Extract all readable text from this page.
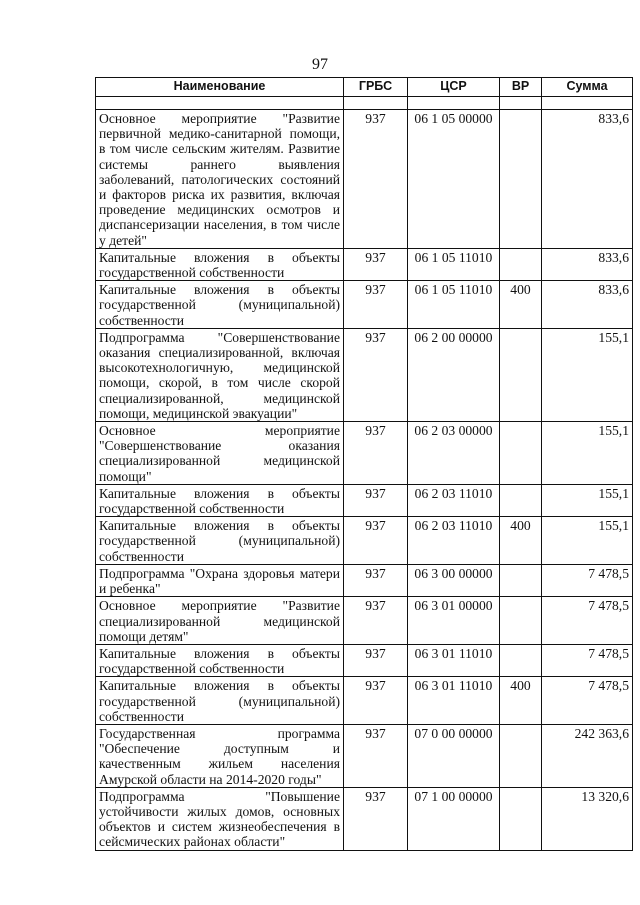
97
Наименование	ГРБС	ЦСР	ВР	Сумма

Основное мероприятие "Развитие первичной медико-санитарной помощи, в том числе сельским жителям. Развитие системы раннего выявления заболеваний, патологических состояний и факторов риска их развития, включая проведение медицинских осмотров и диспансеризации населения, в том числе у детей"	937	06 1 05 00000		833,6
Капитальные вложения в объекты государственной собственности	937	06 1 05 11010		833,6
Капитальные вложения в объекты государственной (муниципальной) собственности	937	06 1 05 11010	400	833,6
Подпрограмма "Совершенствование оказания специализированной, включая высокотехнологичную, медицинской помощи, скорой, в том числе скорой специализированной, медицинской помощи, медицинской эвакуации"	937	06 2 00 00000		155,1
Основное мероприятие "Совершенствование оказания специализированной медицинской помощи"	937	06 2 03 00000		155,1
Капитальные вложения в объекты государственной собственности	937	06 2 03 11010		155,1
Капитальные вложения в объекты государственной (муниципальной) собственности	937	06 2 03 11010	400	155,1
Подпрограмма "Охрана здоровья матери и ребенка"	937	06 3 00 00000		7 478,5
Основное мероприятие "Развитие специализированной медицинской помощи детям"	937	06 3 01 00000		7 478,5
Капитальные вложения в объекты государственной собственности	937	06 3 01 11010		7 478,5
Капитальные вложения в объекты государственной (муниципальной) собственности	937	06 3 01 11010	400	7 478,5
Государственная программа "Обеспечение доступным и качественным жильем населения Амурской области на 2014-2020 годы"	937	07 0 00 00000		242 363,6
Подпрограмма "Повышение устойчивости жилых домов, основных объектов и систем жизнеобеспечения в сейсмических районах области"	937	07 1 00 00000		13 320,6
